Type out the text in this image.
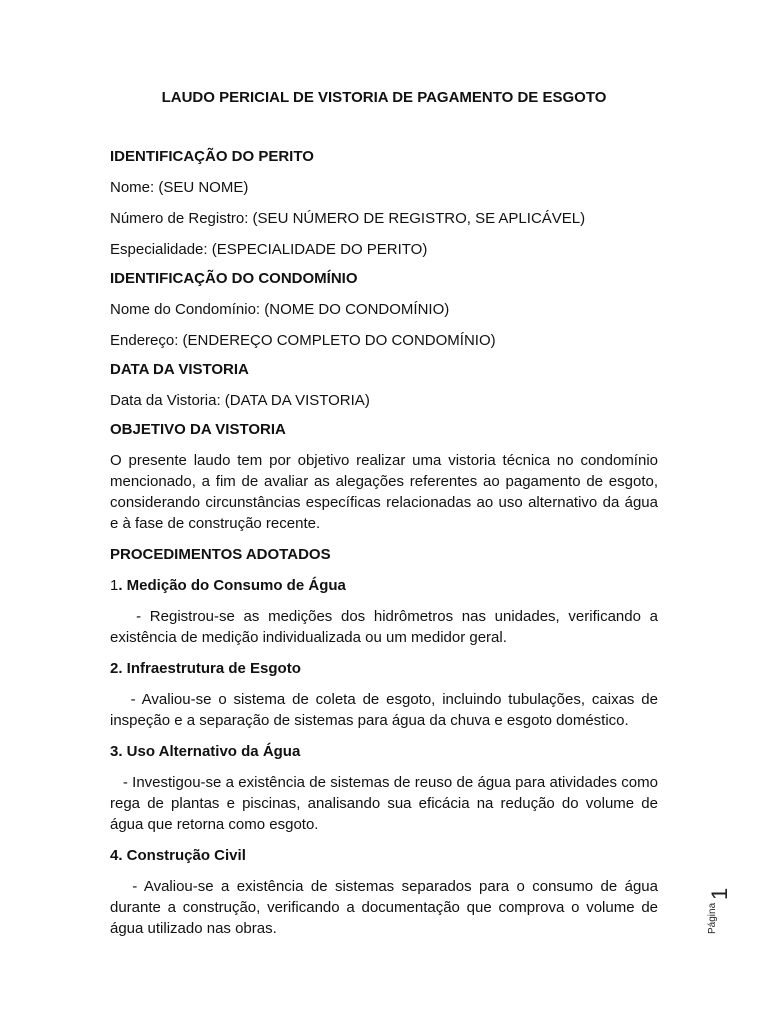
LAUDO PERICIAL DE VISTORIA DE PAGAMENTO DE ESGOTO
IDENTIFICAÇÃO DO PERITO
Nome: (SEU NOME)
Número de Registro: (SEU NÚMERO DE REGISTRO, SE APLICÁVEL)
Especialidade: (ESPECIALIDADE DO PERITO)
IDENTIFICAÇÃO DO CONDOMÍNIO
Nome do Condomínio: (NOME DO CONDOMÍNIO)
Endereço: (ENDEREÇO COMPLETO DO CONDOMÍNIO)
DATA DA VISTORIA
Data da Vistoria: (DATA DA VISTORIA)
OBJETIVO DA VISTORIA
O presente laudo tem por objetivo realizar uma vistoria técnica no condomínio mencionado, a fim de avaliar as alegações referentes ao pagamento de esgoto, considerando circunstâncias específicas relacionadas ao uso alternativo da água e à fase de construção recente.
PROCEDIMENTOS ADOTADOS
1. Medição do Consumo de Água
- Registrou-se as medições dos hidrômetros nas unidades, verificando a existência de medição individualizada ou um medidor geral.
2. Infraestrutura de Esgoto
- Avaliou-se o sistema de coleta de esgoto, incluindo tubulações, caixas de inspeção e a separação de sistemas para água da chuva e esgoto doméstico.
3. Uso Alternativo da Água
- Investigou-se a existência de sistemas de reuso de água para atividades como rega de plantas e piscinas, analisando sua eficácia na redução do volume de água que retorna como esgoto.
4. Construção Civil
- Avaliou-se a existência de sistemas separados para o consumo de água durante a construção, verificando a documentação que comprova o volume de água utilizado nas obras.	Página
1
